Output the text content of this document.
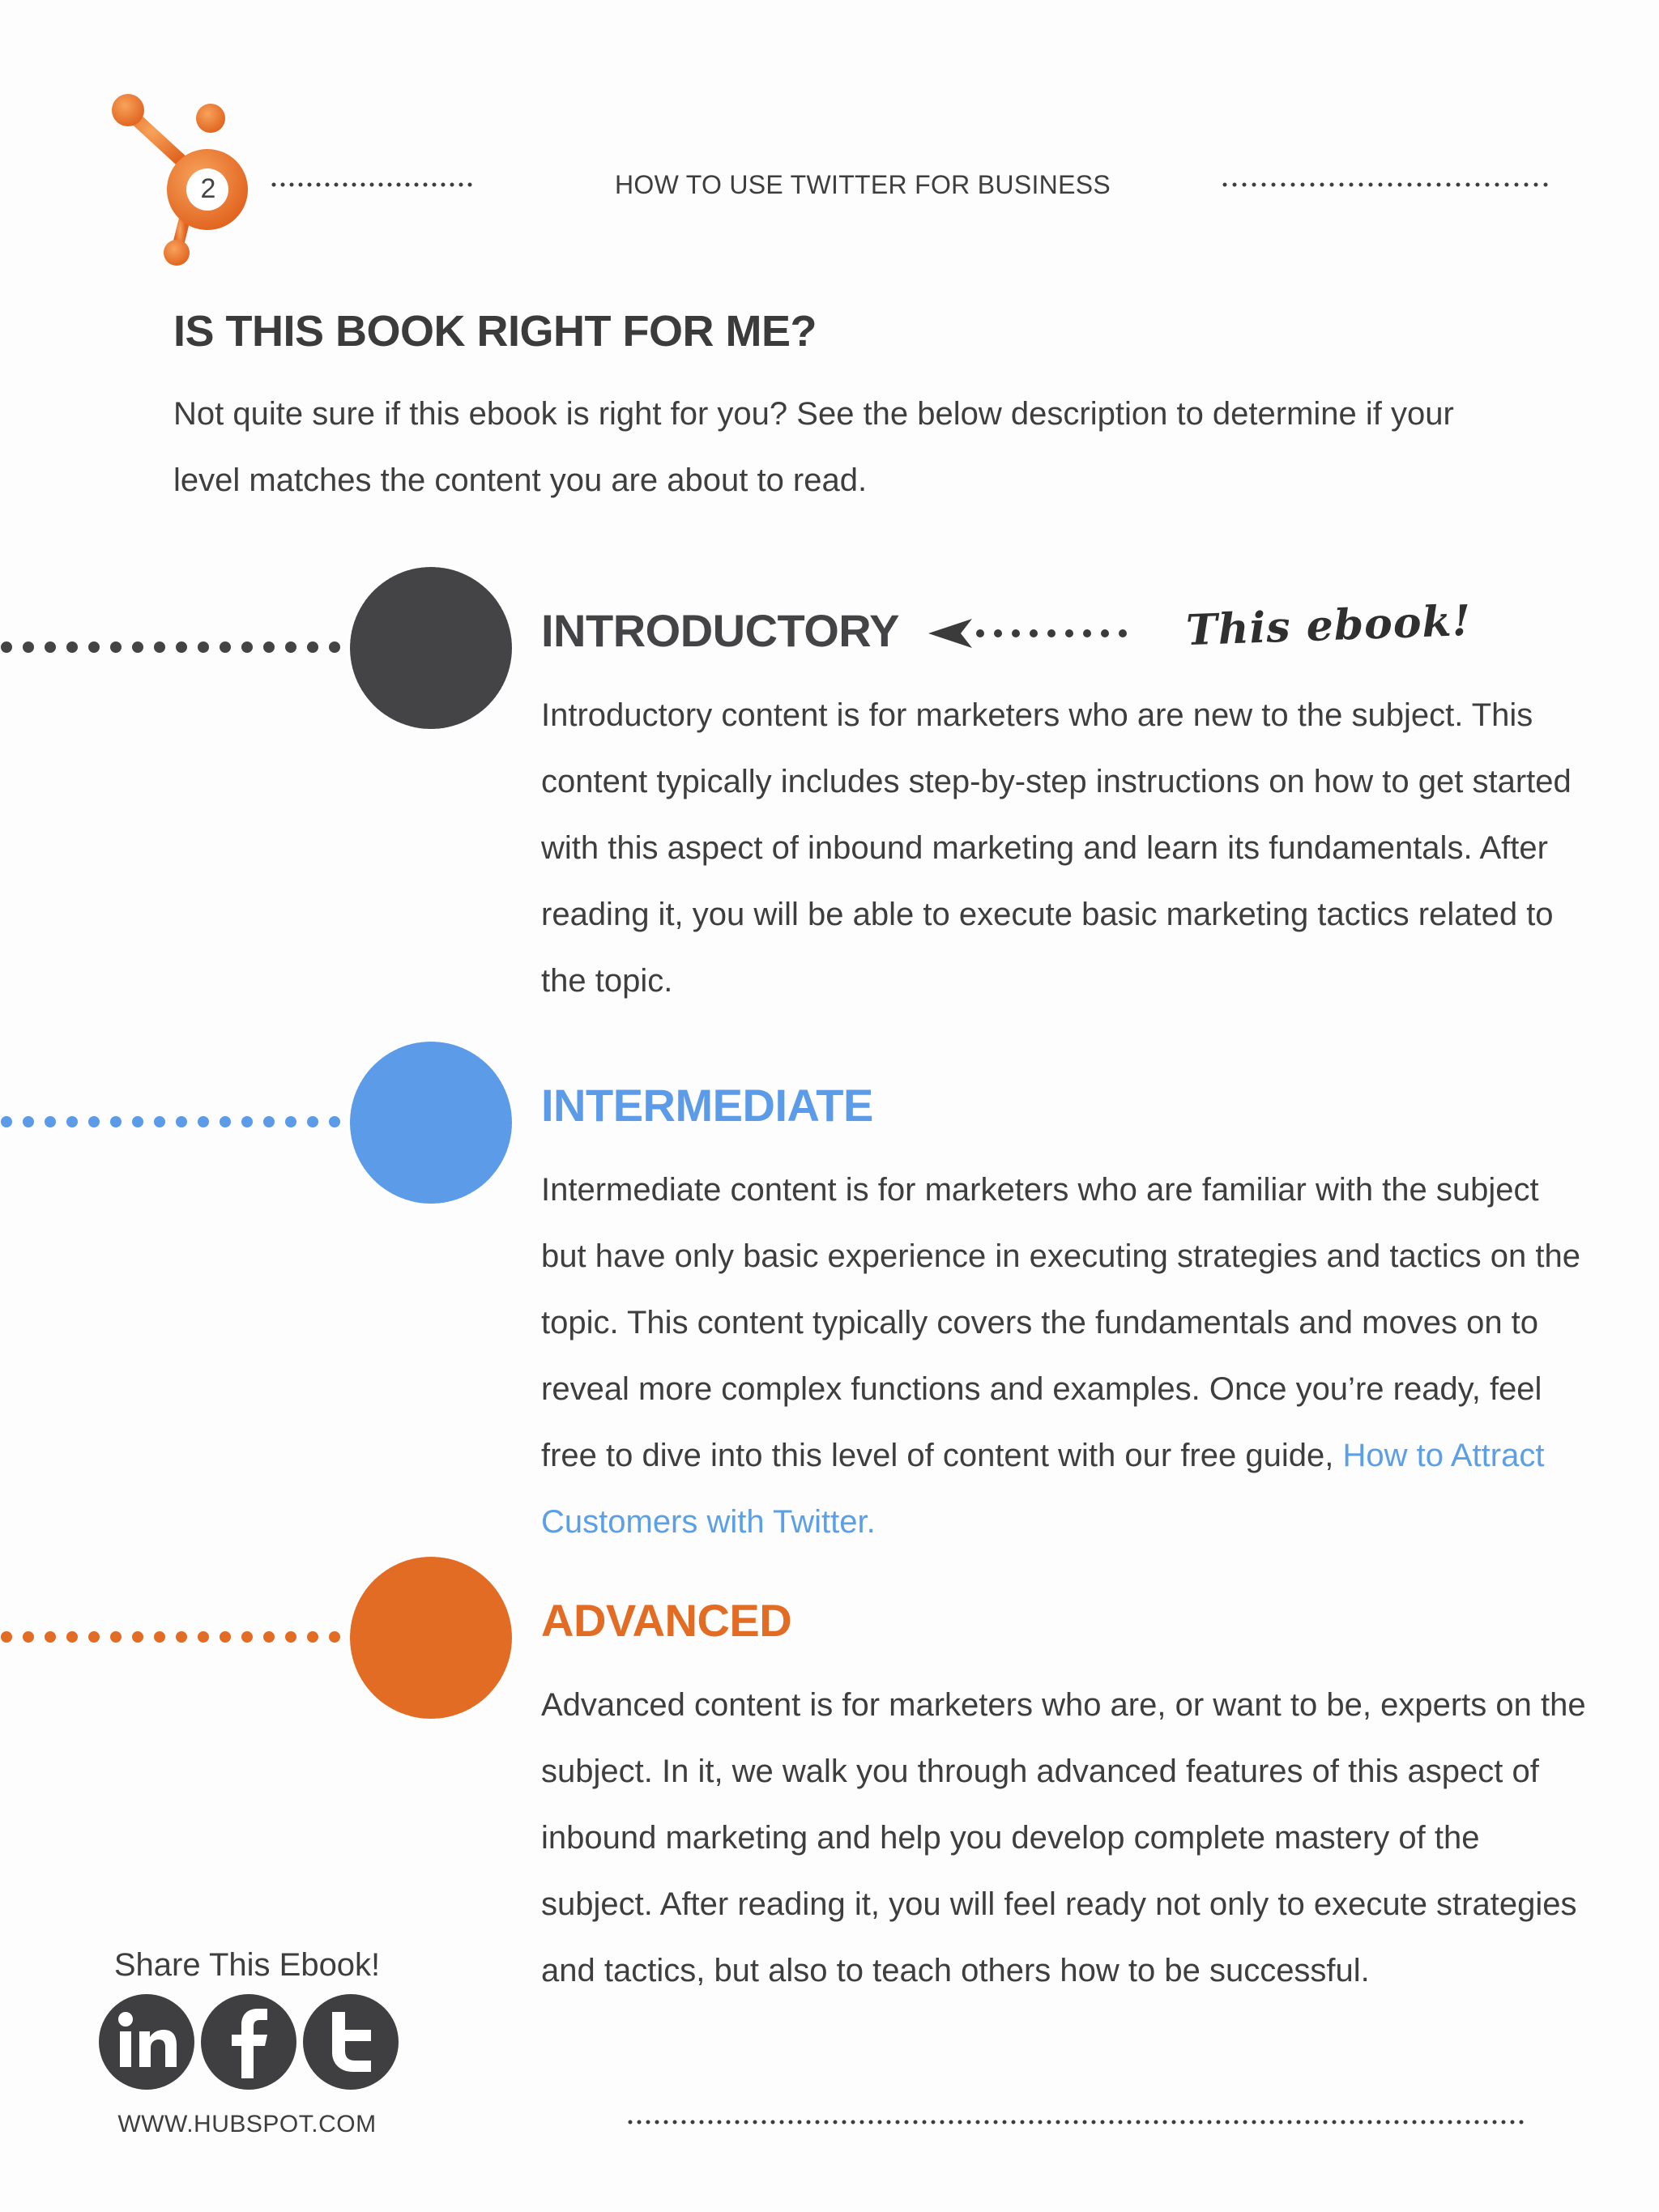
2	HOW TO USE TWITTER FOR BUSINESS
IS THIS BOOK RIGHT FOR ME?
Not quite sure if this ebook is right for you? See the below description to determine if your level matches the content you are about to read.
INTRODUCTORY	This ebook!
Introductory content is for marketers who are new to the subject. This content typically includes step-by-step instructions on how to get started with this aspect of inbound marketing and learn its fundamentals. After reading it, you will be able to execute basic marketing tactics related to the topic.
INTERMEDIATE
Intermediate content is for marketers who are familiar with the subject but have only basic experience in executing strategies and tactics on the topic. This content typically covers the fundamentals and moves on to reveal more complex functions and examples. Once you’re ready, feel free to dive into this level of content with our free guide, How to Attract Customers with Twitter.
ADVANCED
Advanced content is for marketers who are, or want to be, experts on the subject. In it, we walk you through advanced features of this aspect of inbound marketing and help you develop complete mastery of the subject. After reading it, you will feel ready not only to execute strategies and tactics, but also to teach others how to be successful.
Share This Ebook!
WWW.HUBSPOT.COM
